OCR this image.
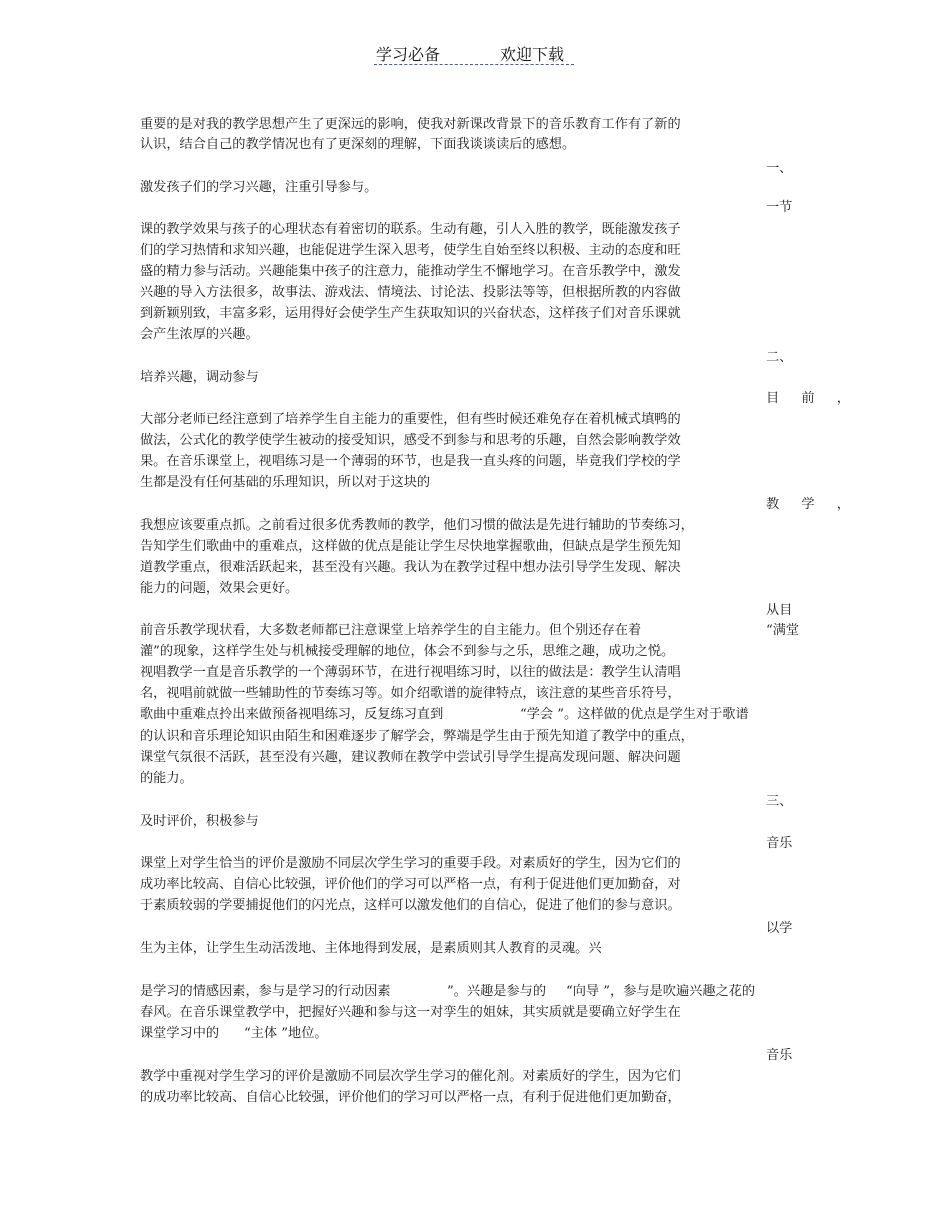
学习必备	欢迎下载
一、
一节
二、
目 前 ，
教 学 ，
从目
“满堂
三、
音乐
以学
音乐
重要的是对我的教学思想产生了更深远的影响，使我对新课改背景下的音乐教育工作有了新的
认识，结合自己的教学情况也有了更深刻的理解，下面我谈谈读后的感想。
激发孩子们的学习兴趣，注重引导参与。
课的教学效果与孩子的心理状态有着密切的联系。生动有趣，引人入胜的教学，既能激发孩子
们的学习热情和求知兴趣，也能促进学生深入思考，使学生自始至终以积极、主动的态度和旺
盛的精力参与活动。兴趣能集中孩子的注意力，能推动学生不懈地学习。在音乐教学中，激发
兴趣的导入方法很多，故事法、游戏法、情境法、讨论法、投影法等等，但根据所教的内容做
到新颖别致，丰富多彩，运用得好会使学生产生获取知识的兴奋状态，这样孩子们对音乐课就
会产生浓厚的兴趣。
培养兴趣，调动参与
大部分老师已经注意到了培养学生自主能力的重要性，但有些时候还难免存在着机械式填鸭的
做法，公式化的教学使学生被动的接受知识，感受不到参与和思考的乐趣，自然会影响教学效
果。在音乐课堂上，视唱练习是一个薄弱的环节，也是我一直头疼的问题，毕竟我们学校的学
生都是没有任何基础的乐理知识，所以对于这块的
我想应该要重点抓。之前看过很多优秀教师的教学，他们习惯的做法是先进行辅助的节奏练习，
告知学生们歌曲中的重难点，这样做的优点是能让学生尽快地掌握歌曲，但缺点是学生预先知
道教学重点，很难活跃起来，甚至没有兴趣。我认为在教学过程中想办法引导学生发现、解决
能力的问题，效果会更好。
前音乐教学现状看，大多数老师都已注意课堂上培养学生的自主能力。但个别还存在着
灌”的现象，这样学生处与机械接受理解的地位，体会不到参与之乐，思维之趣，成功之悦。
视唱教学一直是音乐教学的一个薄弱环节，在进行视唱练习时，以往的做法是：教学生认清唱
名，视唱前就做一些辅助性的节奏练习等。如介绍歌谱的旋律特点，该注意的某些音乐符号，
歌曲中重难点拎出来做预备视唱练习，反复练习直到	“学会 ”。这样做的优点是学生对于歌谱
的认识和音乐理论知识由陌生和困难逐步了解学会，弊端是学生由于预先知道了教学中的重点，
课堂气氛很不活跃，甚至没有兴趣，建议教师在教学中尝试引导学生提高发现问题、解决问题
的能力。
及时评价，积极参与
课堂上对学生恰当的评价是激励不同层次学生学习的重要手段。对素质好的学生，因为它们的
成功率比较高、自信心比较强，评价他们的学习可以严格一点，有利于促进他们更加勤奋，对
于素质较弱的学要捕捉他们的闪光点，这样可以激发他们的自信心，促进了他们的参与意识。
生为主体，让学生生动活泼地、主体地得到发展，是素质则其人教育的灵魂。兴
是学习的情感因素，参与是学习的行动因素	”。兴趣是参与的 “向导 ”，参与是吹遍兴趣之花的
春风。在音乐课堂教学中，把握好兴趣和参与这一对孪生的姐妹，其实质就是要确立好学生在
课堂学习中的 “主体 ”地位。
教学中重视对学生学习的评价是激励不同层次学生学习的催化剂。对素质好的学生，因为它们
的成功率比较高、自信心比较强，评价他们的学习可以严格一点，有利于促进他们更加勤奋，
